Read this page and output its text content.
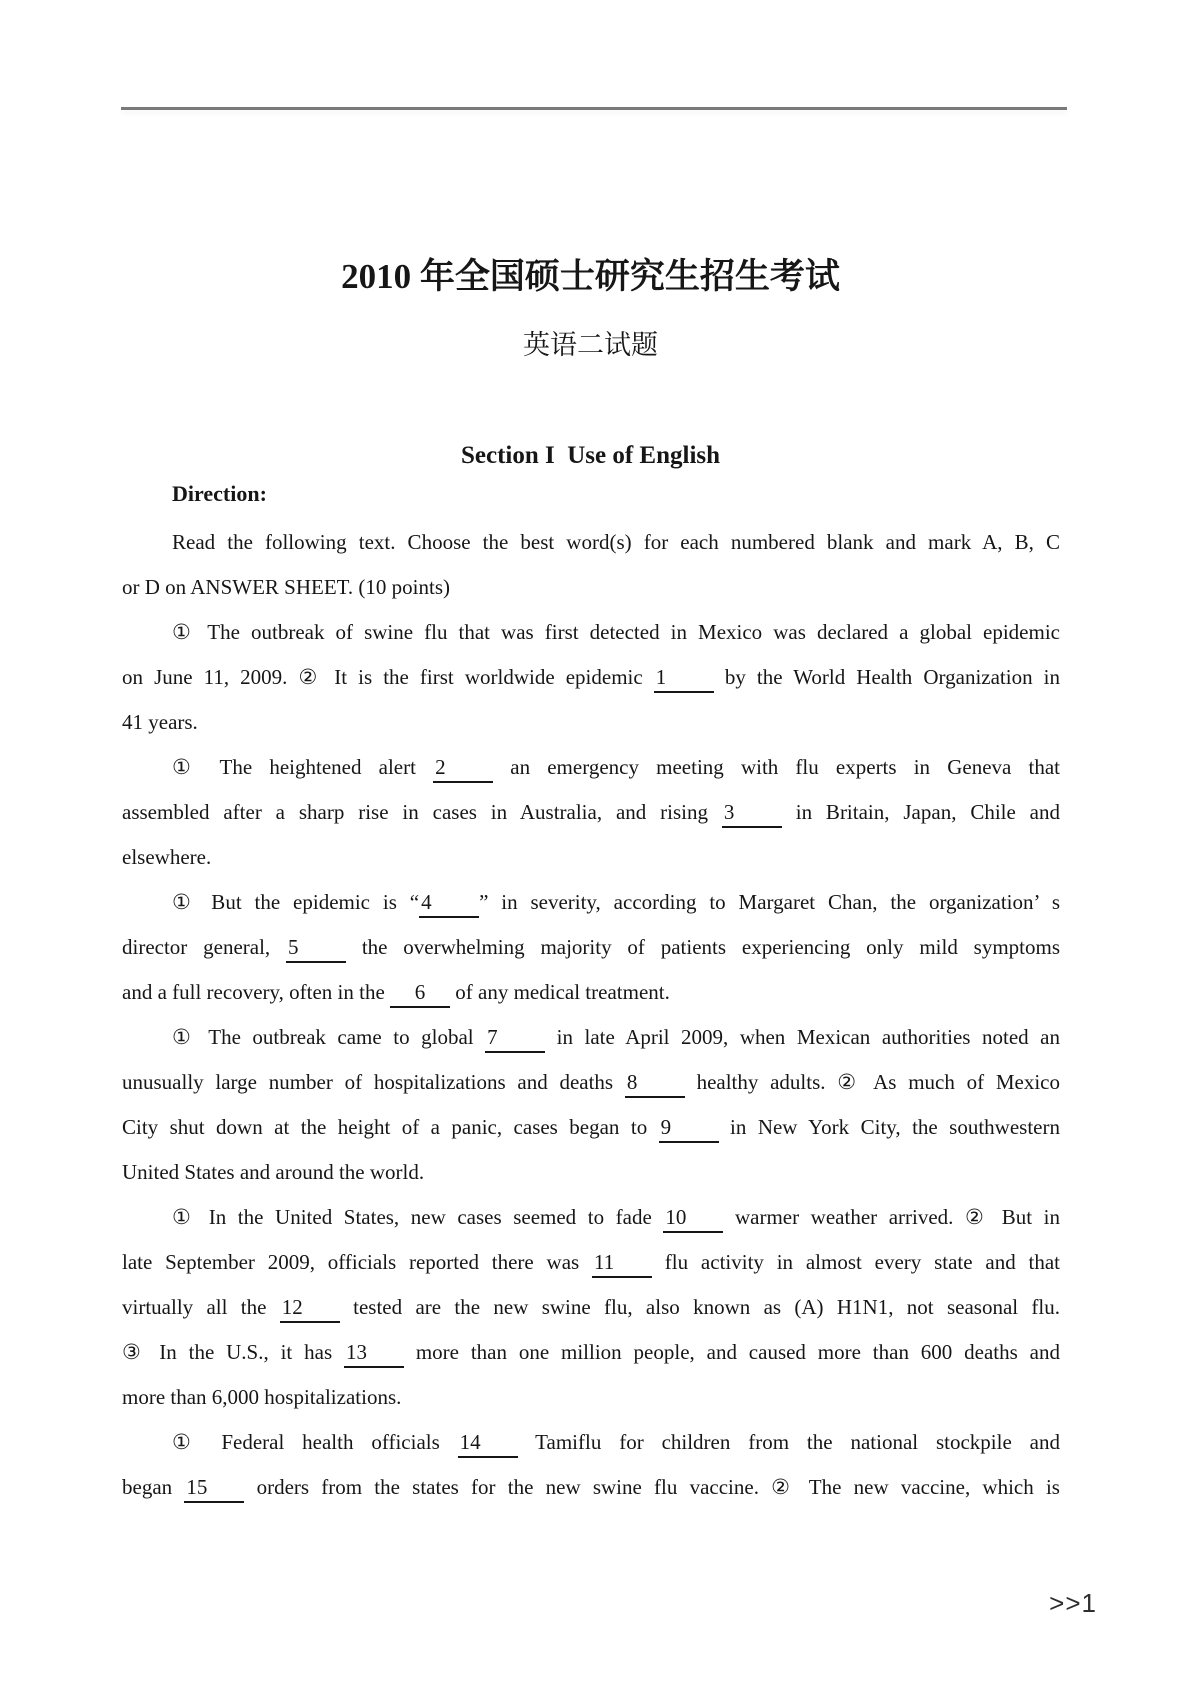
2010 年全国硕士研究生招生考试
英语二试题
Section I  Use of English
Direction:
Read the following text. Choose the best word(s) for each numbered blank and mark A, B, C
or D on ANSWER SHEET. (10 points)
① The outbreak of swine flu that was first detected in Mexico was declared a global epidemic
on June 11, 2009. ② It is the first worldwide epidemic 1 by the World Health Organization in
41 years.
① The heightened alert 2 an emergency meeting with flu experts in Geneva that
assembled after a sharp rise in cases in Australia, and rising 3 in Britain, Japan, Chile and
elsewhere.
① But the epidemic is “4 ” in severity, according to Margaret Chan, the organization’ s
director general, 5 the overwhelming majority of patients experiencing only mild symptoms
and a full recovery, often in the 6 of any medical treatment.
① The outbreak came to global 7 in late April 2009, when Mexican authorities noted an
unusually large number of hospitalizations and deaths 8 healthy adults. ② As much of Mexico
City shut down at the height of a panic, cases began to 9 in New York City, the southwestern
United States and around the world.
① In the United States, new cases seemed to fade 10 warmer weather arrived. ② But in
late September 2009, officials reported there was 11 flu activity in almost every state and that
virtually all the 12 tested are the new swine flu, also known as (A) H1N1, not seasonal flu.
③ In the U.S., it has 13 more than one million people, and caused more than 600 deaths and
more than 6,000 hospitalizations.
① Federal health officials 14 Tamiflu for children from the national stockpile and
began 15 orders from the states for the new swine flu vaccine. ② The new vaccine, which is
>>1
